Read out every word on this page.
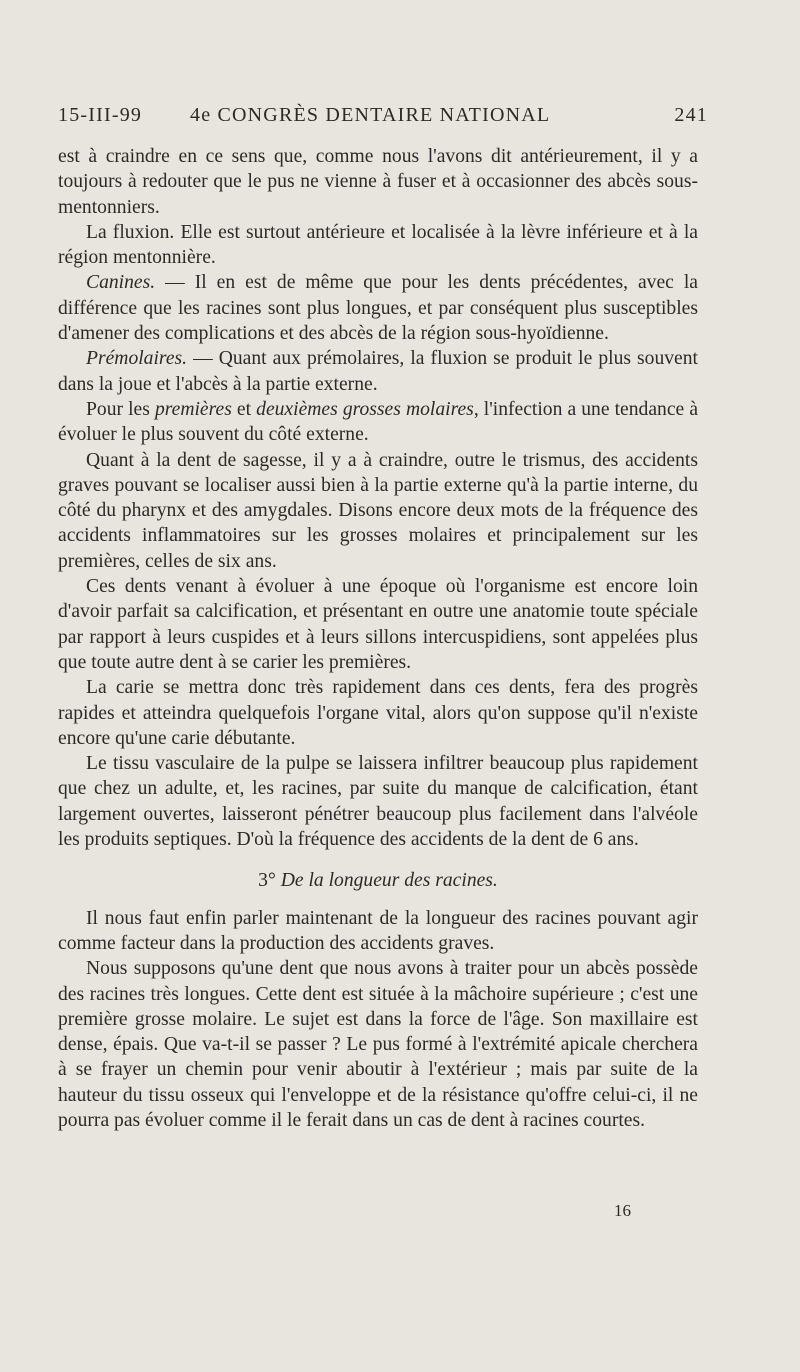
15-III-99 4e CONGRÈS DENTAIRE NATIONAL	241

est à craindre en ce sens que, comme nous l'avons dit antérieurement, il y a toujours à redouter que le pus ne vienne à fuser et à occasionner des abcès sous-mentonniers.

La fluxion. Elle est surtout antérieure et localisée à la lèvre inférieure et à la région mentonnière.

Canines. — Il en est de même que pour les dents précédentes, avec la différence que les racines sont plus longues, et par conséquent plus susceptibles d'amener des complications et des abcès de la région sous-hyoïdienne.

Prémolaires. — Quant aux prémolaires, la fluxion se produit le plus souvent dans la joue et l'abcès à la partie externe.

Pour les premières et deuxièmes grosses molaires, l'infection a une tendance à évoluer le plus souvent du côté externe.

Quant à la dent de sagesse, il y a à craindre, outre le trismus, des accidents graves pouvant se localiser aussi bien à la partie externe qu'à la partie interne, du côté du pharynx et des amygdales. Disons encore deux mots de la fréquence des accidents inflammatoires sur les grosses molaires et principalement sur les premières, celles de six ans.

Ces dents venant à évoluer à une époque où l'organisme est encore loin d'avoir parfait sa calcification, et présentant en outre une anatomie toute spéciale par rapport à leurs cuspides et à leurs sillons intercuspidiens, sont appelées plus que toute autre dent à se carier les premières.

La carie se mettra donc très rapidement dans ces dents, fera des progrès rapides et atteindra quelquefois l'organe vital, alors qu'on suppose qu'il n'existe encore qu'une carie débutante.

Le tissu vasculaire de la pulpe se laissera infiltrer beaucoup plus rapidement que chez un adulte, et, les racines, par suite du manque de calcification, étant largement ouvertes, laisseront pénétrer beaucoup plus facilement dans l'alvéole les produits septiques. D'où la fréquence des accidents de la dent de 6 ans.

3° De la longueur des racines.

Il nous faut enfin parler maintenant de la longueur des racines pouvant agir comme facteur dans la production des accidents graves.

Nous supposons qu'une dent que nous avons à traiter pour un abcès possède des racines très longues. Cette dent est située à la mâchoire supérieure ; c'est une première grosse molaire. Le sujet est dans la force de l'âge. Son maxillaire est dense, épais. Que va-t-il se passer ? Le pus formé à l'extrémité apicale cherchera à se frayer un chemin pour venir aboutir à l'extérieur ; mais par suite de la hauteur du tissu osseux qui l'enveloppe et de la résistance qu'offre celui-ci, il ne pourra pas évoluer comme il le ferait dans un cas de dent à racines courtes.

16
